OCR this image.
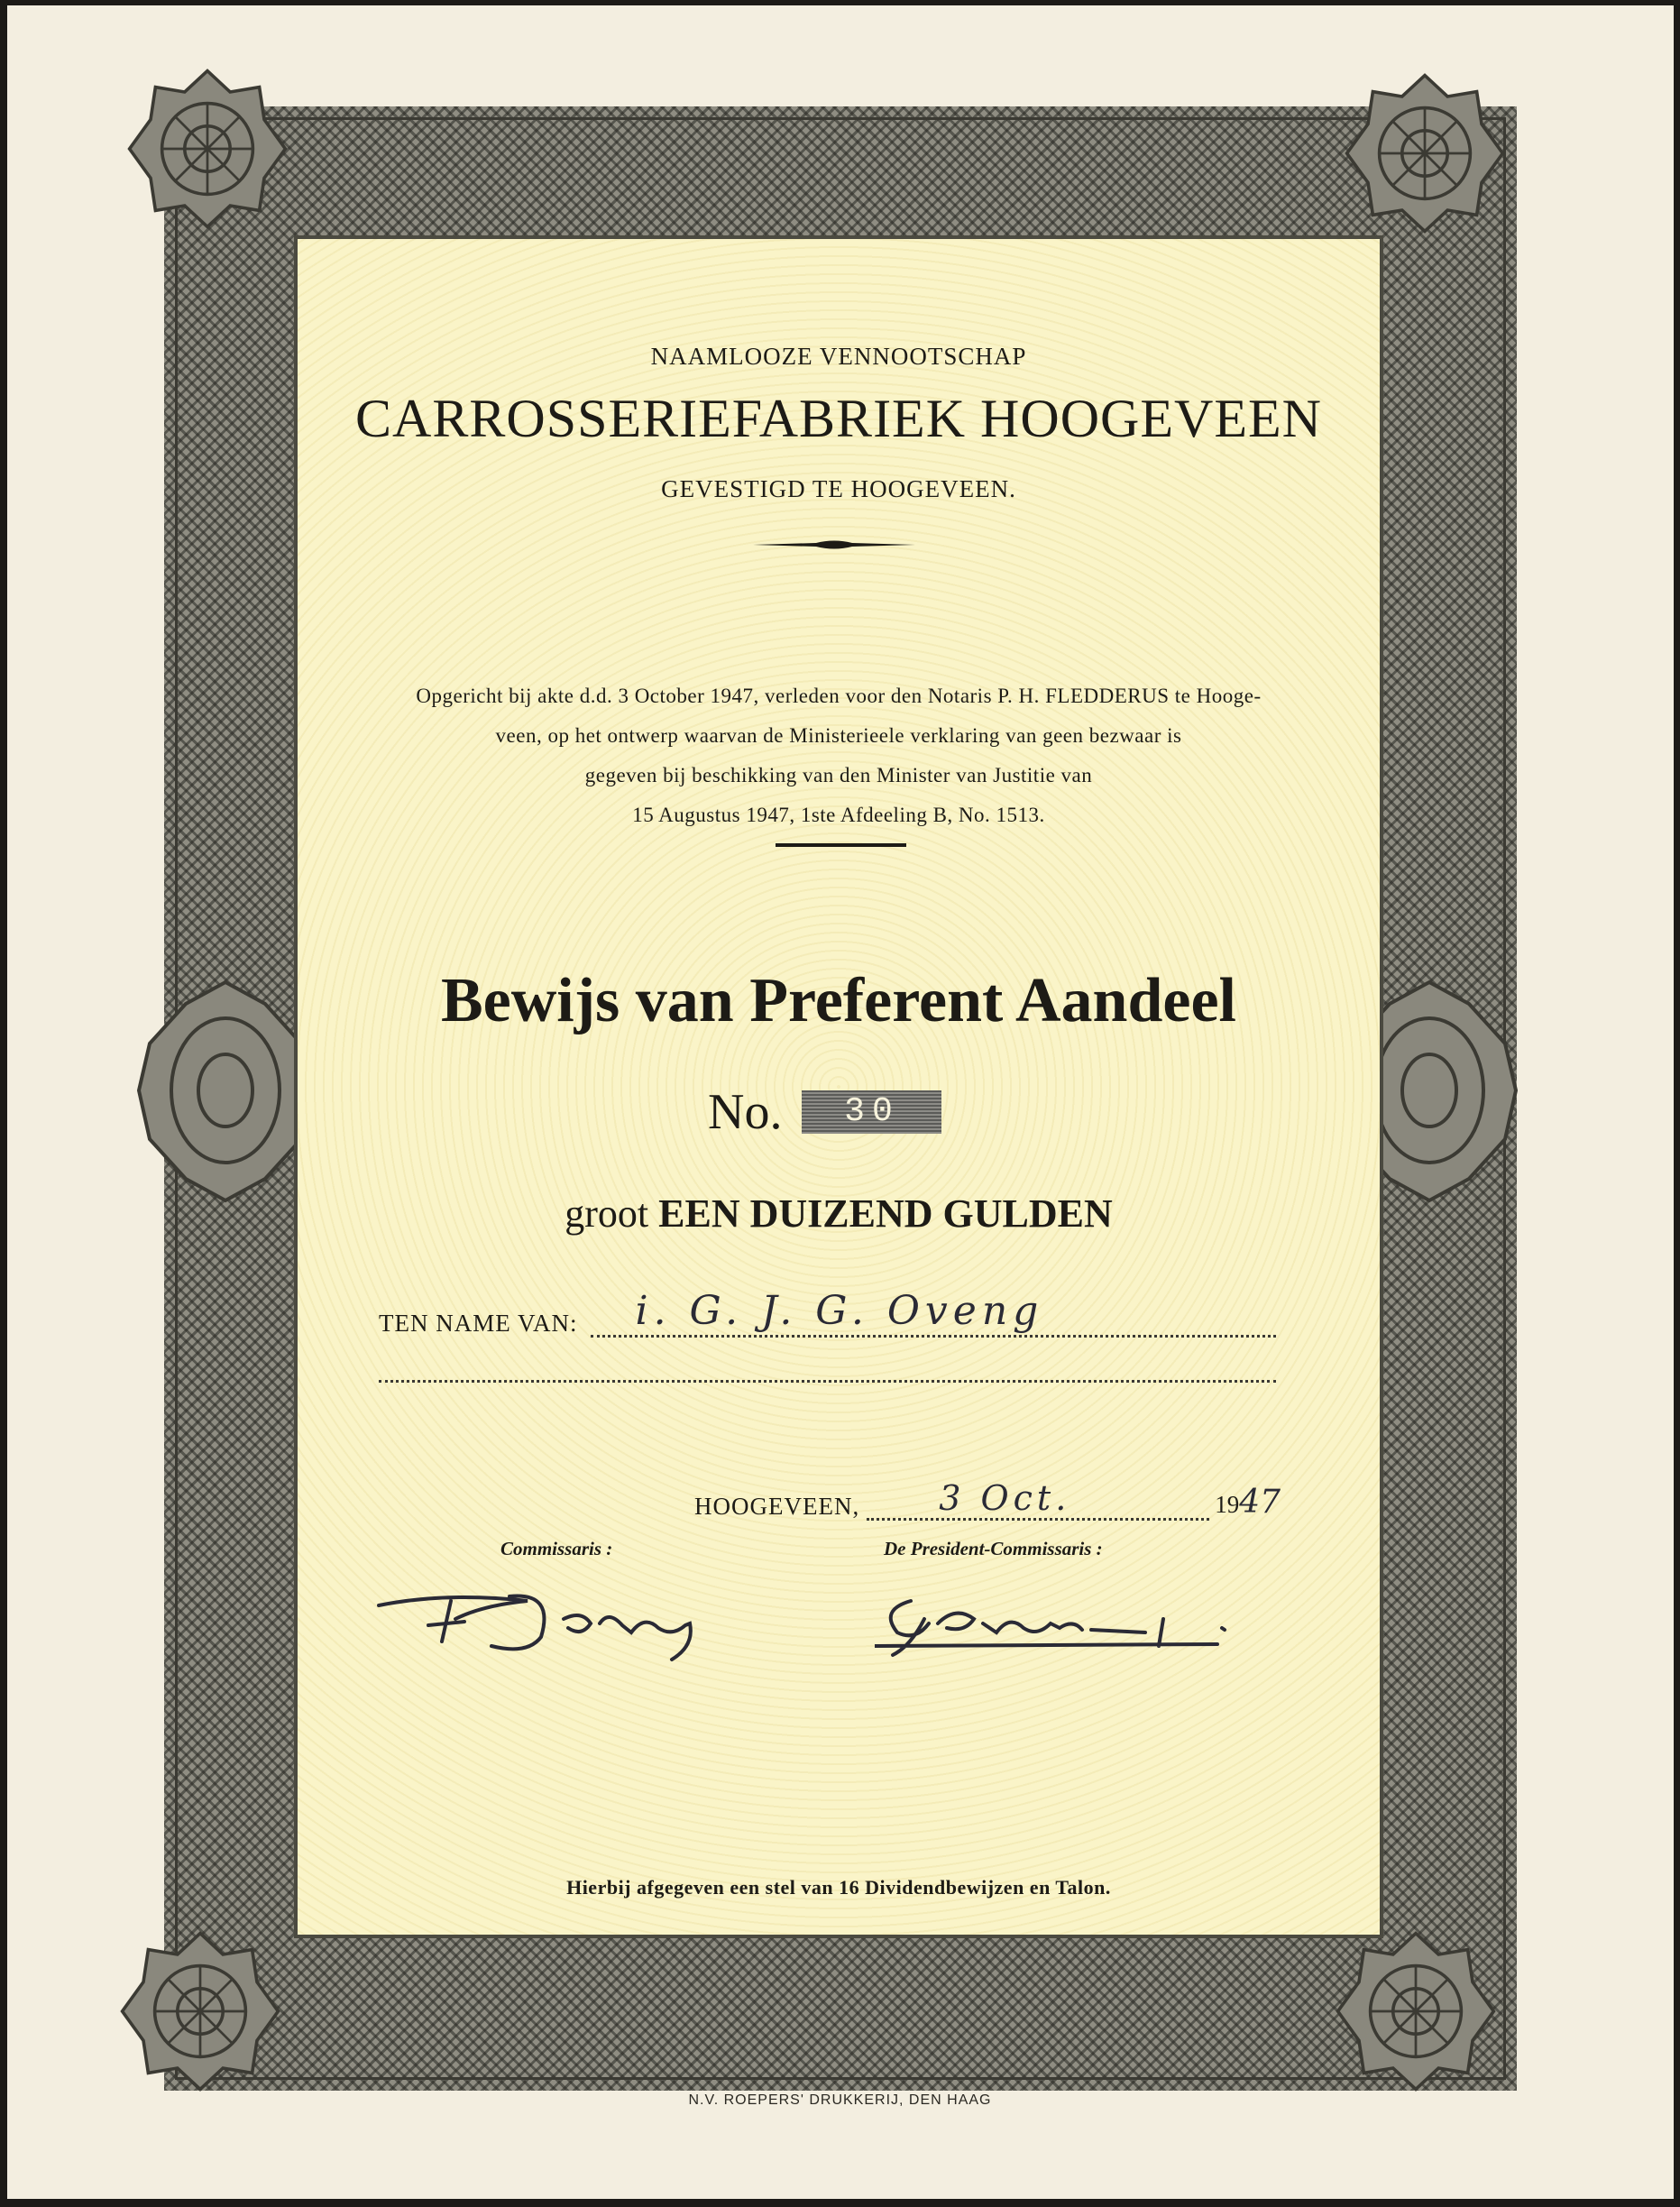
NAAMLOOZE VENNOOTSCHAP
CARROSSERIEFABRIEK HOOGEVEEN
GEVESTIGD TE HOOGEVEEN.
Opgericht bij akte d.d. 3 October 1947, verleden voor den Notaris P. H. FLEDDERUS te Hooge-
veen, op het ontwerp waarvan de Ministerieele verklaring van geen bezwaar is
gegeven bij beschikking van den Minister van Justitie van
15 Augustus 1947, 1ste Afdeeling B, No. 1513.
Bewijs van Preferent Aandeel
No.	30
groot EEN DUIZEND GULDEN
TEN NAME VAN:	i. G. J. G. Oveng
HOOGEVEEN, 3 Oct.	1947
Commissaris :	De President-Commissaris :
Hierbij afgegeven een stel van 16 Dividendbewijzen en Talon.
N.V. ROEPERS' DRUKKERIJ, DEN HAAG
